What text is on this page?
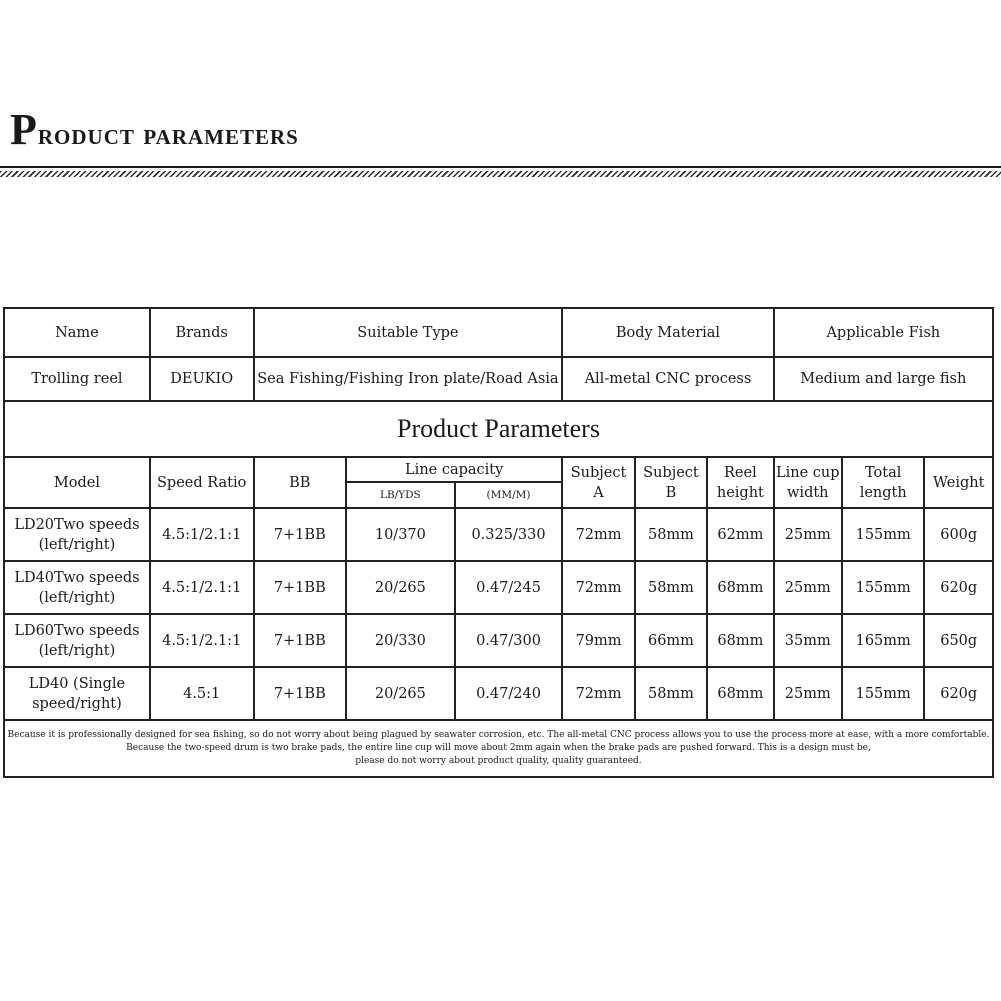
Product parameters
Name	Brands	Suitable Type			Body Material			Applicable Fish		
Trolling reel	DEUKIO	Sea Fishing/Fishing Iron plate/Road Asia			All-metal CNC process			Medium and large fish		
Product Parameters										
Model	Speed Ratio	BB	Line capacity		Subject A	Subject B	Reel height	Line cup width	Total length	Weight
			LB/YDS	(MM/M)						
LD20Two speeds (left/right)	4.5:1/2.1:1	7+1BB	10/370	0.325/330	72mm	58mm	62mm	25mm	155mm	600g
LD40Two speeds (left/right)	4.5:1/2.1:1	7+1BB	20/265	0.47/245	72mm	58mm	68mm	25mm	155mm	620g
LD60Two speeds (left/right)	4.5:1/2.1:1	7+1BB	20/330	0.47/300	79mm	66mm	68mm	35mm	165mm	650g
LD40 (Single speed/right)	4.5:1	7+1BB	20/265	0.47/240	72mm	58mm	68mm	25mm	155mm	620g

Because it is professionally designed for sea fishing, so do not worry about being plagued by seawater corrosion, etc. The all-metal CNC process allows you to use the process more at ease, with a more comfortable.
Because the two-speed drum is two brake pads, the entire line cup will move about 2mm again when the brake pads are pushed forward. This is a design must be,
please do not worry about product quality, quality guaranteed.										
